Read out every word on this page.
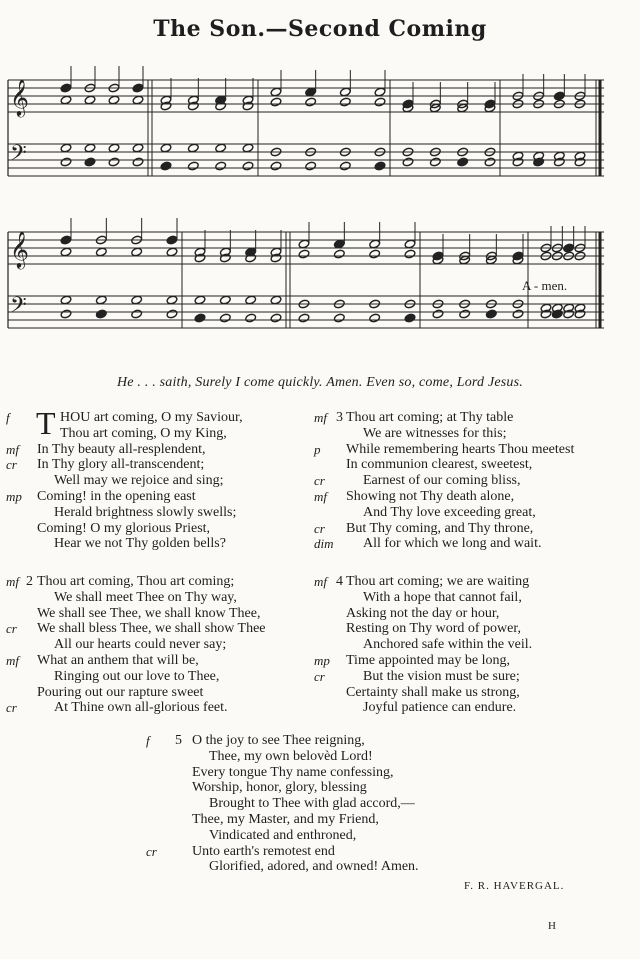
The Son.—Second Coming
𝄞
𝄢
𝄞
𝄢
A - men.
He . . . saith, Surely I come quickly. Amen. Even so, come, Lord Jesus.
f T HOU art coming, O my Saviour,
Thou art coming, O my King,
mf In Thy beauty all-resplendent,
cr In Thy glory all-transcendent;
Well may we rejoice and sing;
mp Coming! in the opening east
Herald brightness slowly swells;
Coming! O my glorious Priest,
Hear we not Thy golden bells?
mf 2 Thou art coming, Thou art coming;
We shall meet Thee on Thy way,
We shall see Thee, we shall know Thee,
cr We shall bless Thee, we shall show Thee
All our hearts could never say;
mf What an anthem that will be,
Ringing out our love to Thee,
Pouring out our rapture sweet
cr	At Thine own all-glorious feet.
mf 3 Thou art coming; at Thy table
We are witnesses for this;
p While remembering hearts Thou meetest
In communion clearest, sweetest,
cr	Earnest of our coming bliss,
mf Showing not Thy death alone,
And Thy love exceeding great,
cr But Thy coming, and Thy throne,
dim All for which we long and wait.
mf 4 Thou art coming; we are waiting
With a hope that cannot fail,
Asking not the day or hour,
Resting on Thy word of power,
Anchored safe within the veil.
mp Time appointed may be long,
cr	But the vision must be sure;
Certainty shall make us strong,
Joyful patience can endure.
f 5 O the joy to see Thee reigning,
Thee, my own belovèd Lord!
Every tongue Thy name confessing,
Worship, honor, glory, blessing
Brought to Thee with glad accord,—
Thee, my Master, and my Friend,
Vindicated and enthroned,
cr	Unto earth's remotest end
Glorified, adored, and owned! Amen.
F. R. HAVERGAL.
H
